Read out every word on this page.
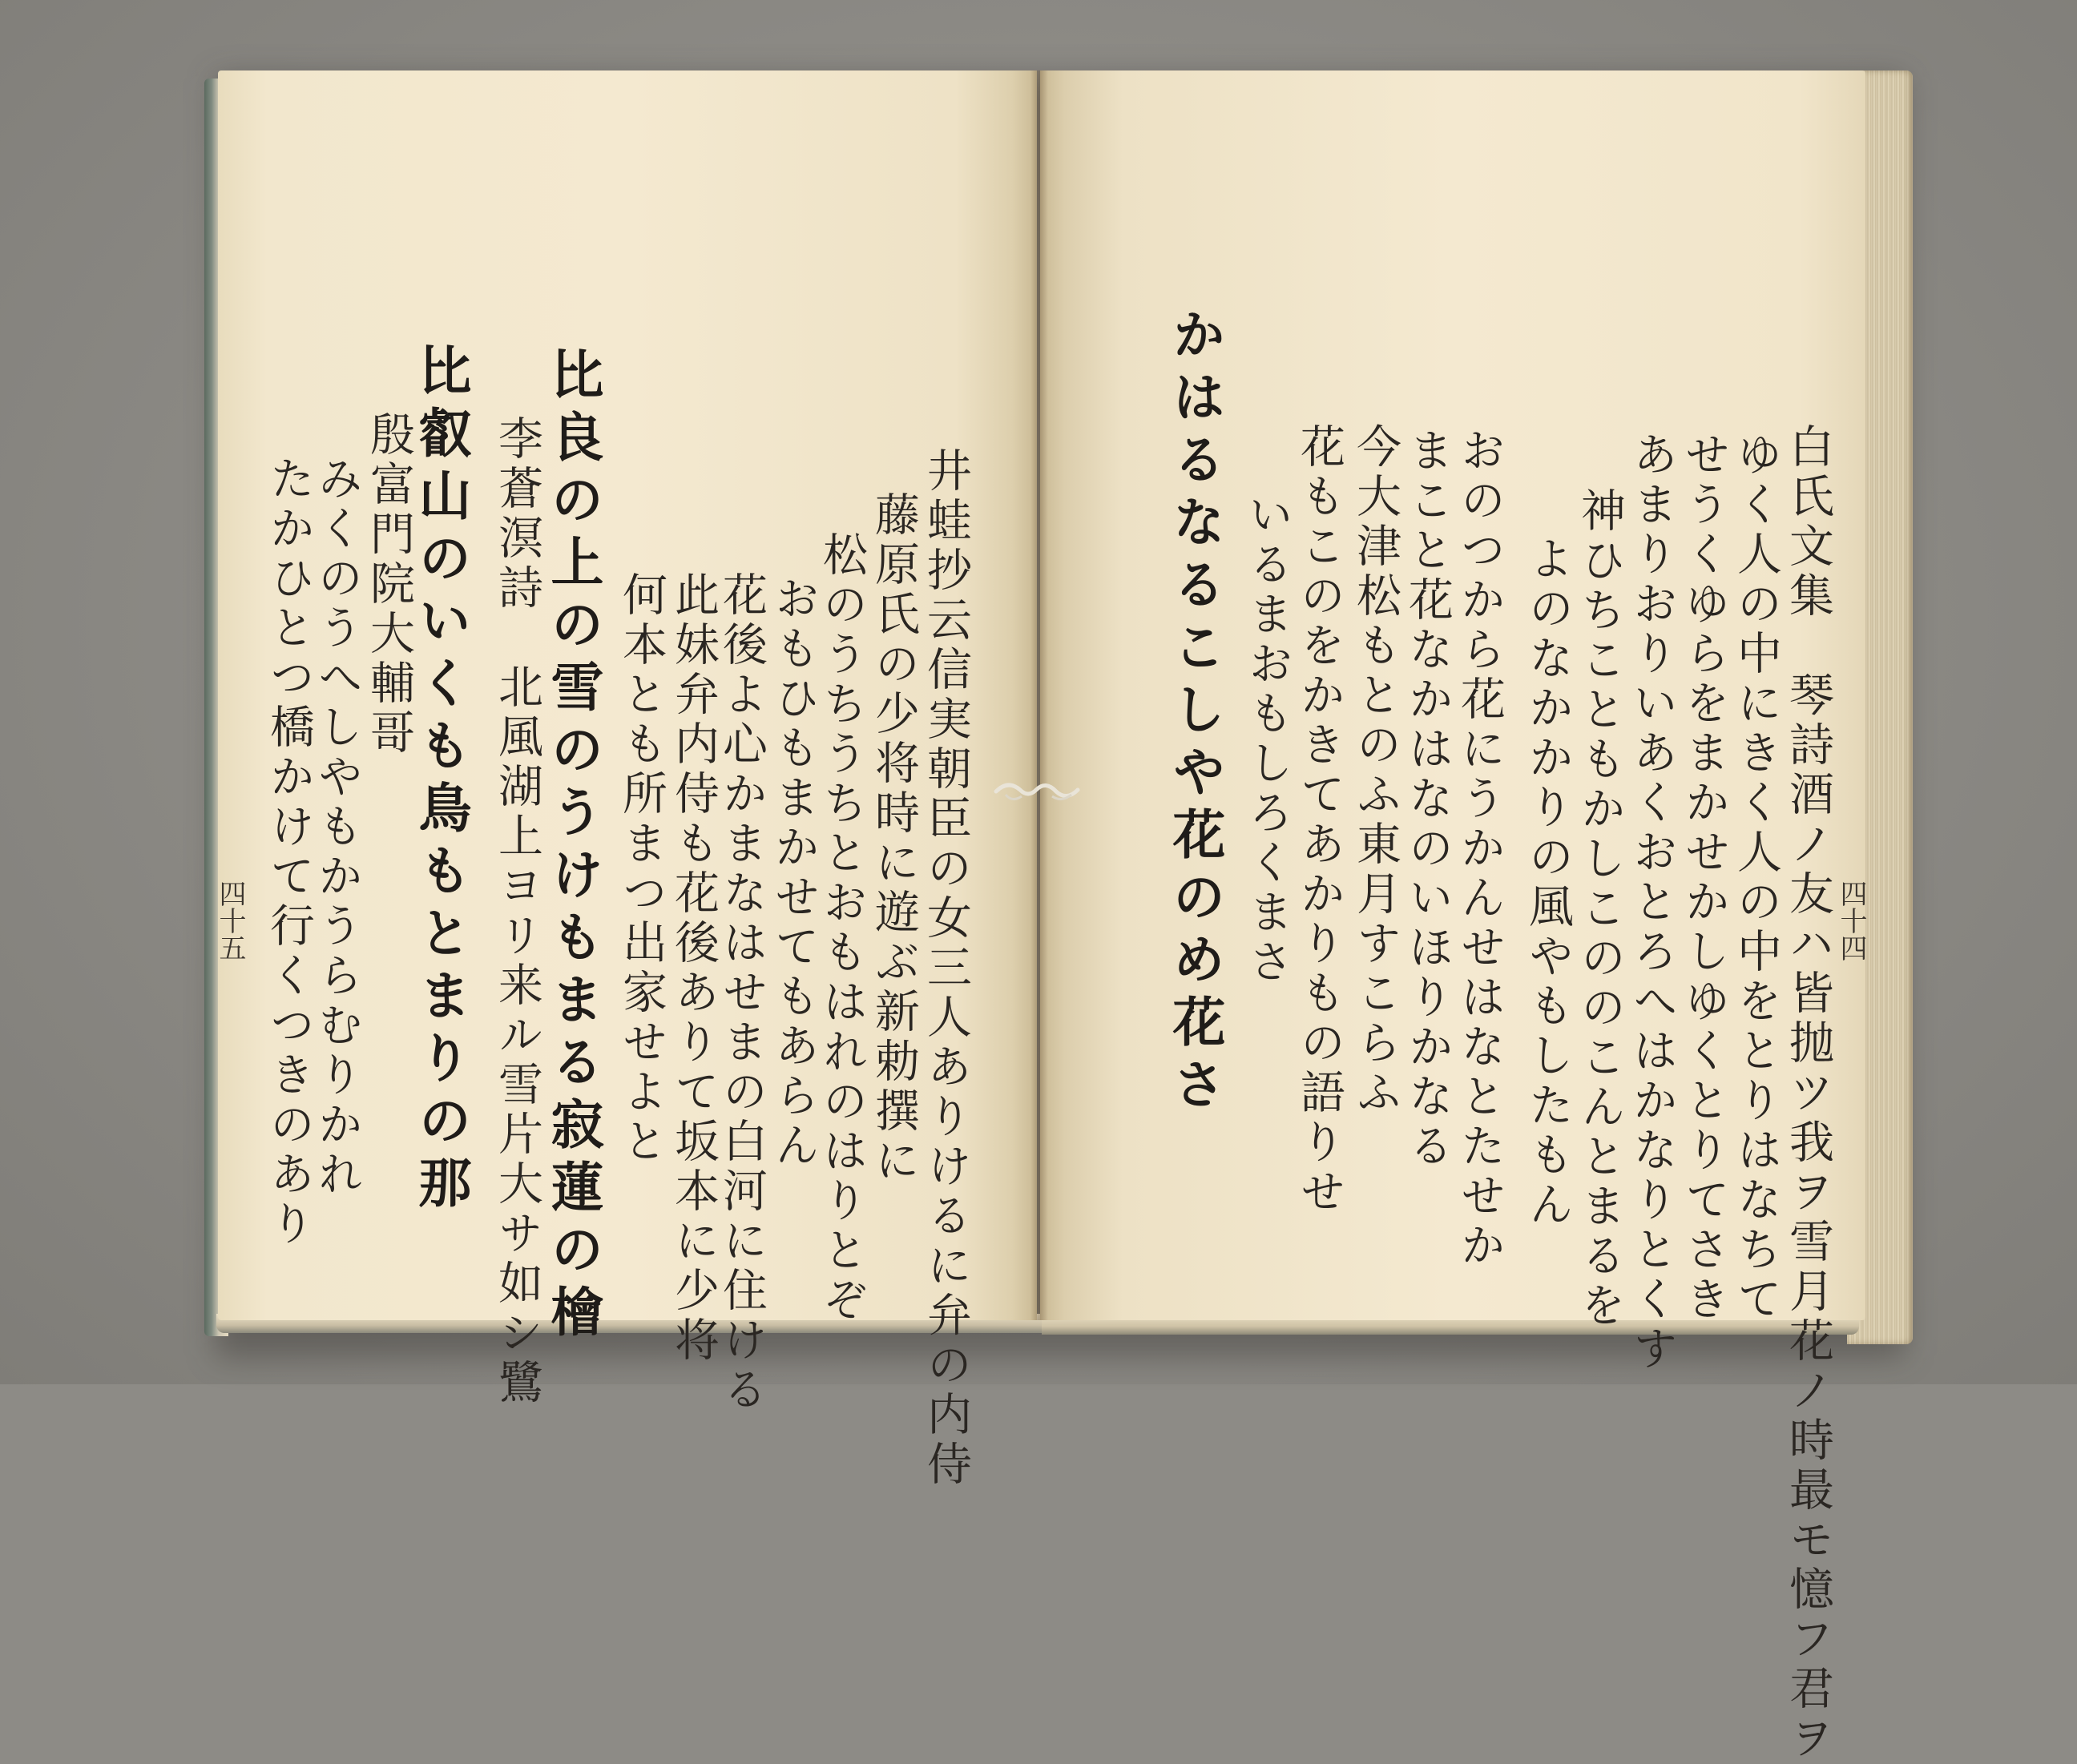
井蛙抄云信実朝臣の女三人ありけるに弁の内侍
藤原氏の少将時に遊ぶ新勅撰に
松のうちうちとおもはれのはりとぞ
おもひもまかせてもあらん
花後よ心かまなはせまの白河に住ける
此妹弁内侍も花後ありて坂本に少将
何本とも所まつ出家せよと
比良の上の雪のうけもまる寂蓮の檜
李蒼溟詩　北風湖上ヨリ来ル雪片大サ如シ鷺
比叡山のいくも鳥もとまりの那
殷富門院大輔哥
みくのうへしやもかうらむりかれ
たかひとつ橋かけて行くつきのあり
四十五	白氏文集　琴詩酒ノ友ハ皆抛ツ我ヲ雪月花ノ時最モ憶フ君ヲ
ゆく人の中にきく人の中をとりはなちて
せうくゆらをまかせかしゆくとりてさき
あまりおりいあくおとろへはかなりとくす
神ひちこともかしこののこんとまるを
よのなかかりの風やもしたもん
おのつから花にうかんせはなとたせか
まこと花なかはなのいほりかなる
今大津松もとのふ東月すこらふ
花もこのをかきてあかりもの語りせ
いるまおもしろくまさ
かはるなるこしや花のめ花さ	四十四
